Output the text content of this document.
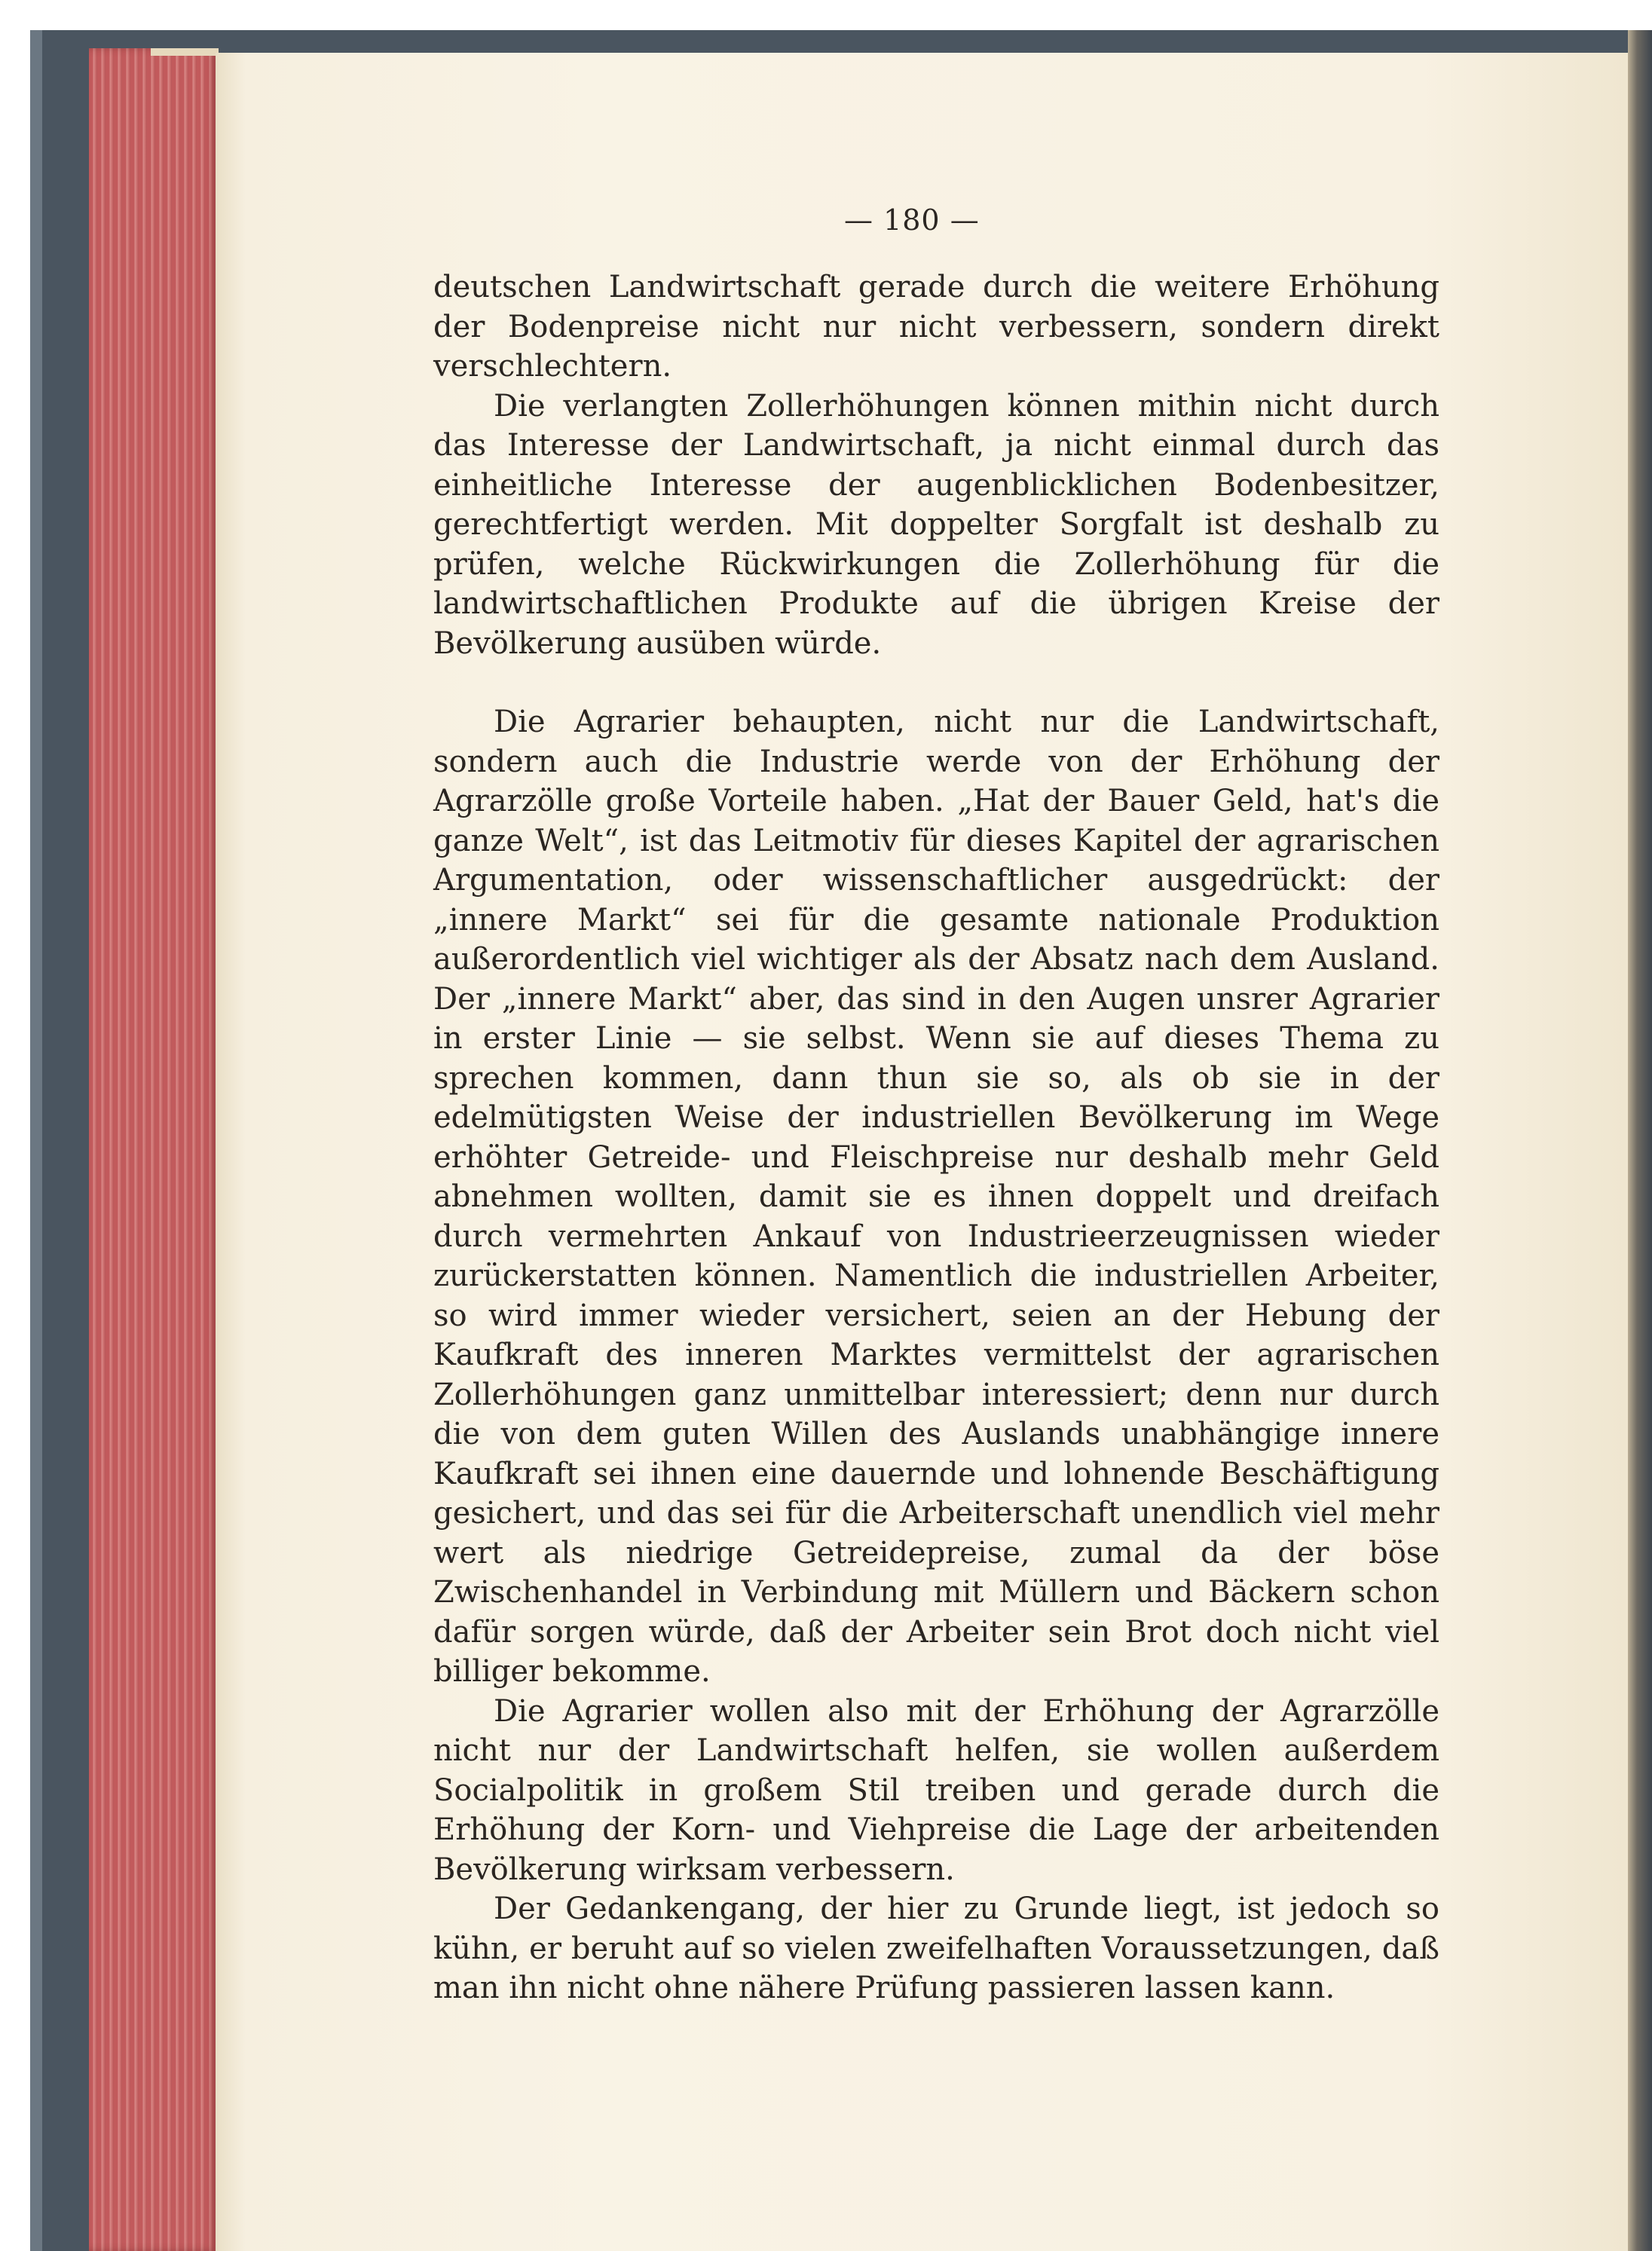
— 180 —

deutschen Landwirtschaft gerade durch die weitere Erhöhung der Bodenpreise nicht nur nicht verbessern, sondern direkt verschlechtern.

Die verlangten Zollerhöhungen können mithin nicht durch das Interesse der Landwirtschaft, ja nicht einmal durch das einheitliche Interesse der augenblicklichen Bodenbesitzer, gerechtfertigt werden. Mit doppelter Sorgfalt ist deshalb zu prüfen, welche Rückwirkungen die Zollerhöhung für die landwirtschaftlichen Produkte auf die übrigen Kreise der Bevölkerung ausüben würde.

Die Agrarier behaupten, nicht nur die Landwirtschaft, sondern auch die Industrie werde von der Erhöhung der Agrarzölle große Vorteile haben. „Hat der Bauer Geld, hat's die ganze Welt“, ist das Leitmotiv für dieses Kapitel der agrarischen Argumentation, oder wissenschaftlicher ausgedrückt: der „innere Markt“ sei für die gesamte nationale Produktion außerordentlich viel wichtiger als der Absatz nach dem Ausland. Der „innere Markt“ aber, das sind in den Augen unsrer Agrarier in erster Linie — sie selbst. Wenn sie auf dieses Thema zu sprechen kommen, dann thun sie so, als ob sie in der edelmütigsten Weise der industriellen Bevölkerung im Wege erhöhter Getreide- und Fleischpreise nur deshalb mehr Geld abnehmen wollten, damit sie es ihnen doppelt und dreifach durch vermehrten Ankauf von Industrieerzeugnissen wieder zurückerstatten können. Namentlich die industriellen Arbeiter, so wird immer wieder versichert, seien an der Hebung der Kaufkraft des inneren Marktes vermittelst der agrarischen Zollerhöhungen ganz unmittelbar interessiert; denn nur durch die von dem guten Willen des Auslands unabhängige innere Kaufkraft sei ihnen eine dauernde und lohnende Beschäftigung gesichert, und das sei für die Arbeiterschaft unendlich viel mehr wert als niedrige Getreidepreise, zumal da der böse Zwischenhandel in Verbindung mit Müllern und Bäckern schon dafür sorgen würde, daß der Arbeiter sein Brot doch nicht viel billiger bekomme.

Die Agrarier wollen also mit der Erhöhung der Agrarzölle nicht nur der Landwirtschaft helfen, sie wollen außerdem Socialpolitik in großem Stil treiben und gerade durch die Erhöhung der Korn- und Viehpreise die Lage der arbeitenden Bevölkerung wirksam verbessern.

Der Gedankengang, der hier zu Grunde liegt, ist jedoch so kühn, er beruht auf so vielen zweifelhaften Voraussetzungen, daß man ihn nicht ohne nähere Prüfung passieren lassen kann.
